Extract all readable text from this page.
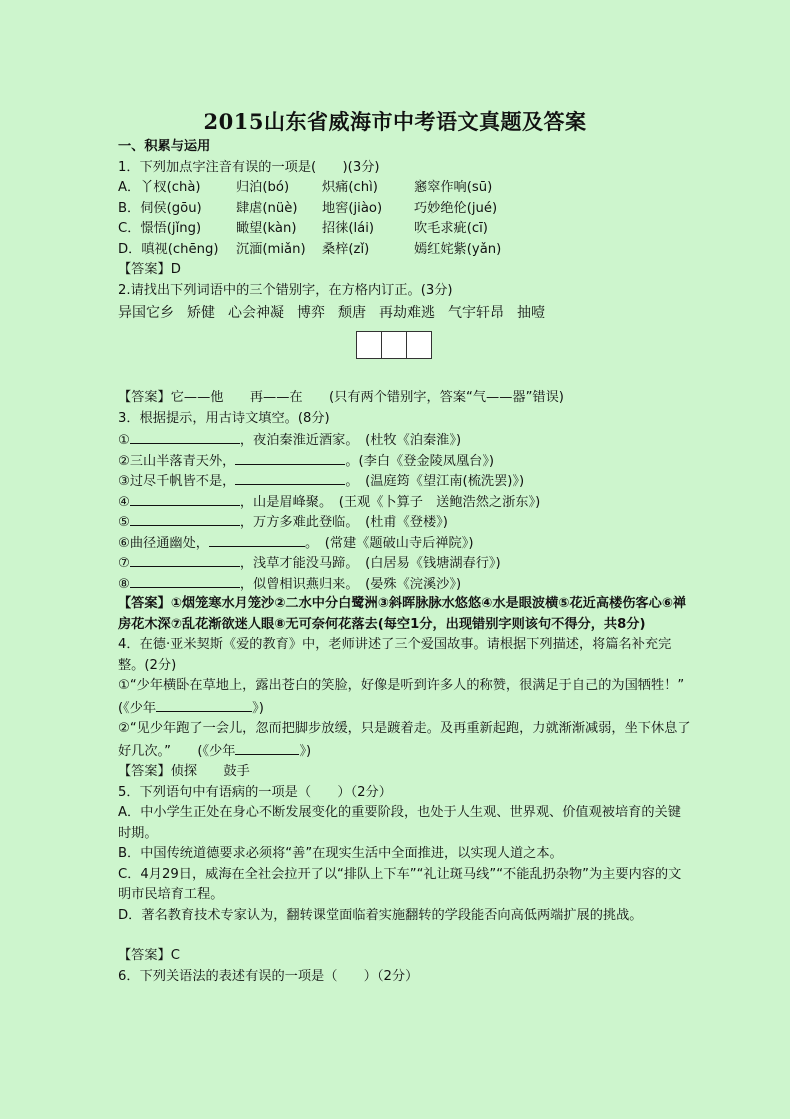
2015山东省威海市中考语文真题及答案
一、积累与运用
1．下列加点字注音有误的一项是(　　)(3分)
A．丫杈(chà)	归泊(bó) 炽痛(chì)	窸窣作响(sū)
B．伺侯(gōu)	肆虐(nüè) 地窖(jiào) 巧妙绝伦(jué)
C．憬悟(jǐng)	瞰望(kàn) 招徕(lái)	吹毛求疵(cī)
D．嗔视(chēng) 沉湎(miǎn) 桑梓(zǐ)	嫣红姹紫(yǎn)
【答案】D
2.请找出下列词语中的三个错别字，在方格内订正。(3分)
异国它乡 矫健 心会神凝 博弈 颓唐 再劫难逃 气宇轩昂 抽噎
【答案】它——他　　再——在　　(只有两个错别字，答案“气——器”错误)
3．根据提示，用古诗文填空。(8分)
①	，夜泊秦淮近酒家。　(杜牧《泊秦淮》)
②三山半落青天外，	。(李白《登金陵凤凰台》)
③过尽千帆皆不是，	。　(温庭筠《望江南(梳洗罢)》)
④	，山是眉峰聚。　(王观《卜算子　送鲍浩然之浙东》)
⑤	，万方多难此登临。　(杜甫《登楼》)
⑥曲径通幽处，	。　(常建《题破山寺后禅院》)
⑦	，浅草才能没马蹄。　(白居易《钱塘湖春行》)
⑧	，似曾相识燕归来。　(晏殊《浣溪沙》)
【答案】①烟笼寒水月笼沙②二水中分白鹭洲③斜晖脉脉水悠悠④水是眼波横⑤花近高楼伤客心⑥禅房花木深⑦乱花渐欲迷人眼⑧无可奈何花落去(每空1分，出现错别字则该句不得分，共8分)
4．在德·亚米契斯《爱的教育》中，老师讲述了三个爱国故事。请根据下列描述，将篇名补充完整。(2分)
①“少年横卧在草地上，露出苍白的笑脸，好像是听到许多人的称赞，很满足于自己的为国牺牲！”　　(《少年	》)
②“见少年跑了一会儿，忽而把脚步放缓，只是踱着走。及再重新起跑，力就渐渐减弱，坐下休息了好几次。”　　(《少年	》)
【答案】侦探　　鼓手
5．下列语句中有语病的一项是（　　）（2分）
A．中小学生正处在身心不断发展变化的重要阶段，也处于人生观、世界观、价值观被培育的关键时期。
B．中国传统道德要求必须将“善”在现实生活中全面推进，以实现人道之本。
C．4月29日，威海在全社会拉开了以“排队上下车”“礼让斑马线”“不能乱扔杂物”为主要内容的文明市民培育工程。
D．著名教育技术专家认为，翻转课堂面临着实施翻转的学段能否向高低两端扩展的挑战。
【答案】C
6．下列关语法的表述有误的一项是（　　）（2分）
